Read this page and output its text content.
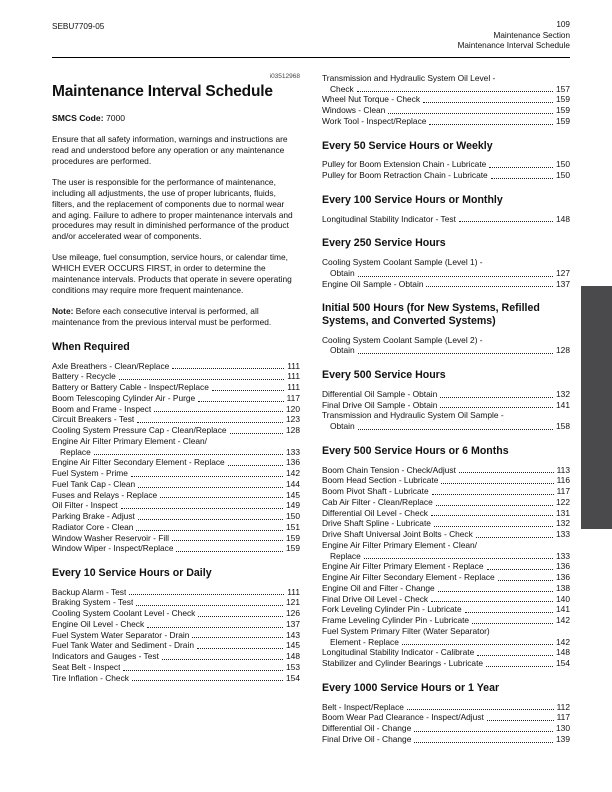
SEBU7709-05	109
Maintenance Section
Maintenance Interval Schedule
i03512968
Maintenance Interval Schedule

SMCS Code: 7000

Ensure that all safety information, warnings and instructions are read and understood before any operation or any maintenance procedures are performed.

The user is responsible for the performance of maintenance, including all adjustments, the use of proper lubricants, fluids, filters, and the replacement of components due to normal wear and aging. Failure to adhere to proper maintenance intervals and procedures may result in diminished performance of the product and/or accelerated wear of components.

Use mileage, fuel consumption, service hours, or calendar time, WHICH EVER OCCURS FIRST, in order to determine the maintenance intervals. Products that operate in severe operating conditions may require more frequent maintenance.

Note: Before each consecutive interval is performed, all maintenance from the previous interval must be performed.

When Required
Axle Breathers - Clean/Replace	111
Battery - Recycle	111
Battery or Battery Cable - Inspect/Replace	111
Boom Telescoping Cylinder Air - Purge	117
Boom and Frame - Inspect	120
Circuit Breakers - Test	123
Cooling System Pressure Cap - Clean/Replace	128
Engine Air Filter Primary Element - Clean/
Replace	133
Engine Air Filter Secondary Element - Replace	136
Fuel System - Prime	142
Fuel Tank Cap - Clean	144
Fuses and Relays - Replace	145
Oil Filter - Inspect	149
Parking Brake - Adjust	150
Radiator Core - Clean	151
Window Washer Reservoir - Fill	159
Window Wiper - Inspect/Replace	159
Every 10 Service Hours or Daily
Backup Alarm - Test	111
Braking System - Test	121
Cooling System Coolant Level - Check	126
Engine Oil Level - Check	137
Fuel System Water Separator - Drain	143
Fuel Tank Water and Sediment - Drain	145
Indicators and Gauges - Test	148
Seat Belt - Inspect	153
Tire Inflation - Check	154
Transmission and Hydraulic System Oil Level -
Check	157
Wheel Nut Torque - Check	159
Windows - Clean	159
Work Tool - Inspect/Replace	159
Every 50 Service Hours or Weekly
Pulley for Boom Extension Chain - Lubricate	150
Pulley for Boom Retraction Chain - Lubricate	150
Every 100 Service Hours or Monthly
Longitudinal Stability Indicator - Test	148
Every 250 Service Hours
Cooling System Coolant Sample (Level 1) -
Obtain	127
Engine Oil Sample - Obtain	137
Initial 500 Hours (for New Systems, Refilled Systems, and Converted Systems)
Cooling System Coolant Sample (Level 2) -
Obtain	128
Every 500 Service Hours
Differential Oil Sample - Obtain	132
Final Drive Oil Sample - Obtain	141
Transmission and Hydraulic System Oil Sample -
Obtain	158
Every 500 Service Hours or 6 Months
Boom Chain Tension - Check/Adjust	113
Boom Head Section - Lubricate	116
Boom Pivot Shaft - Lubricate	117
Cab Air Filter - Clean/Replace	122
Differential Oil Level - Check	131
Drive Shaft Spline - Lubricate	132
Drive Shaft Universal Joint Bolts - Check	133
Engine Air Filter Primary Element - Clean/
Replace	133
Engine Air Filter Primary Element - Replace	136
Engine Air Filter Secondary Element - Replace	136
Engine Oil and Filter - Change	138
Final Drive Oil Level - Check	140
Fork Leveling Cylinder Pin - Lubricate	141
Frame Leveling Cylinder Pin - Lubricate	142
Fuel System Primary Filter (Water Separator)
Element - Replace	142
Longitudinal Stability Indicator - Calibrate	148
Stabilizer and Cylinder Bearings - Lubricate	154
Every 1000 Service Hours or 1 Year
Belt - Inspect/Replace	112
Boom Wear Pad Clearance - Inspect/Adjust	117
Differential Oil - Change	130
Final Drive Oil - Change	139
